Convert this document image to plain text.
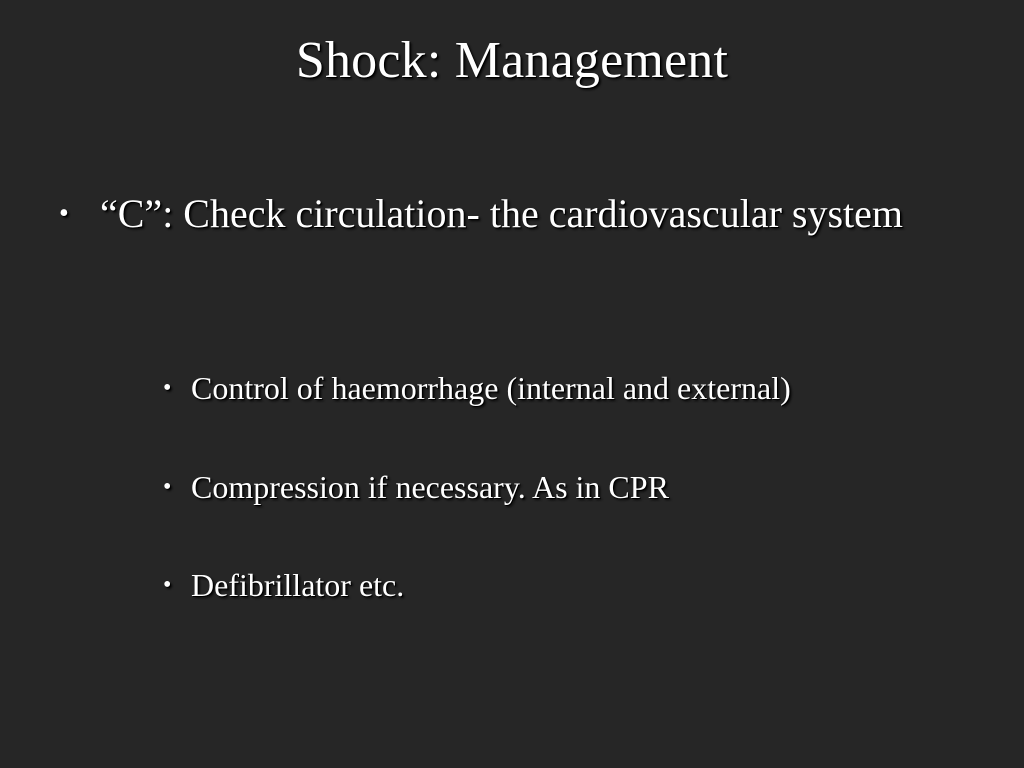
Shock: Management
• “C”: Check circulation- the cardiovascular system
• Control of haemorrhage (internal and external)
• Compression if necessary. As in CPR
• Defibrillator etc.
